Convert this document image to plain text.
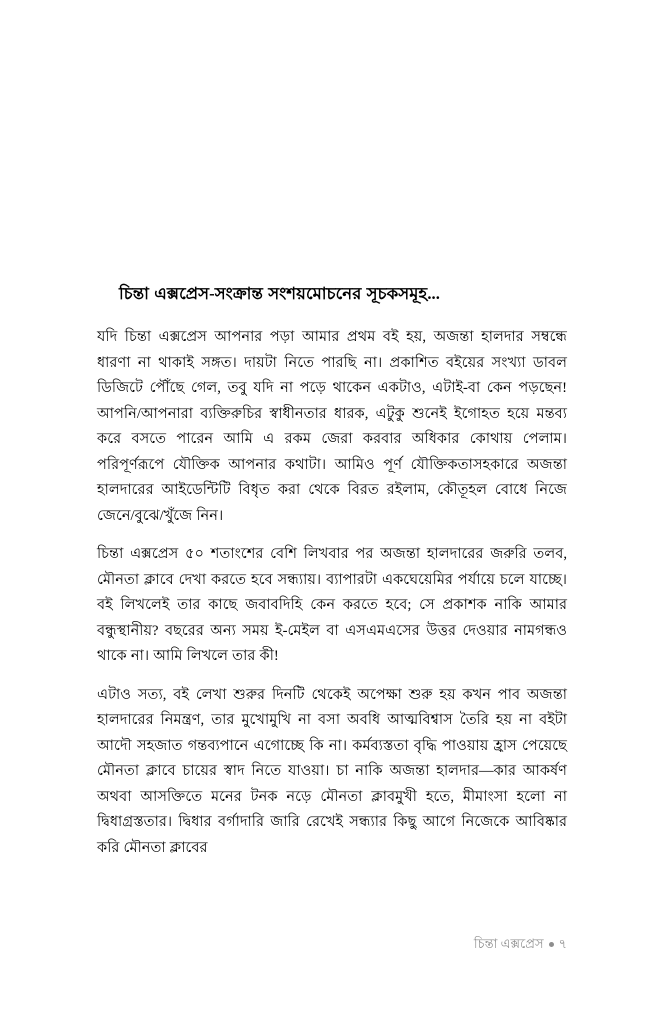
চিন্তা এক্সপ্রেস-সংক্রান্ত সংশয়মোচনের সূচকসমূহ...

যদি চিন্তা এক্সপ্রেস আপনার পড়া আমার প্রথম বই হয়, অজন্তা হালদার সম্বন্ধে ধারণা না থাকাই সঙ্গত। দায়টা নিতে পারছি না। প্রকাশিত বইয়ের সংখ্যা ডাবল ডিজিটে পৌঁছে গেল, তবু যদি না পড়ে থাকেন একটাও, এটাই-বা কেন পড়ছেন! আপনি/আপনারা ব্যক্তিরুচির স্বাধীনতার ধারক, এটুকু শুনেই ইগোহত হয়ে মন্তব্য করে বসতে পারেন আমি এ রকম জেরা করবার অধিকার কোথায় পেলাম। পরিপূর্ণরূপে যৌক্তিক আপনার কথাটা। আমিও পূর্ণ যৌক্তিকতাসহকারে অজন্তা হালদারের আইডেন্টিটি বিধৃত করা থেকে বিরত রইলাম, কৌতূহল বোধে নিজে জেনে/বুঝে/খুঁজে নিন।

চিন্তা এক্সপ্রেস ৫০ শতাংশের বেশি লিখবার পর অজন্তা হালদারের জরুরি তলব, মৌনতা ক্লাবে দেখা করতে হবে সন্ধ্যায়। ব্যাপারটা একঘেয়েমির পর্যায়ে চলে যাচ্ছে। বই লিখলেই তার কাছে জবাবদিহি কেন করতে হবে; সে প্রকাশক নাকি আমার বন্ধুস্থানীয়? বছরের অন্য সময় ই-মেইল বা এসএমএসের উত্তর দেওয়ার নামগন্ধও থাকে না। আমি লিখলে তার কী!

এটাও সত্য, বই লেখা শুরুর দিনটি থেকেই অপেক্ষা শুরু হয় কখন পাব অজন্তা হালদারের নিমন্ত্রণ, তার মুখোমুখি না বসা অবধি আত্মবিশ্বাস তৈরি হয় না বইটা আদৌ সহজাত গন্তব্যপানে এগোচ্ছে কি না। কর্মব্যস্ততা বৃদ্ধি পাওয়ায় হ্রাস পেয়েছে মৌনতা ক্লাবে চায়ের স্বাদ নিতে যাওয়া। চা নাকি অজন্তা হালদার—কার আকর্ষণ অথবা আসক্তিতে মনের টনক নড়ে মৌনতা ক্লাবমুখী হতে, মীমাংসা হলো না দ্বিধাগ্রস্ততার। দ্বিধার বর্গাদারি জারি রেখেই সন্ধ্যার কিছু আগে নিজেকে আবিষ্কার করি মৌনতা ক্লাবের

চিন্তা এক্সপ্রেস ৭
